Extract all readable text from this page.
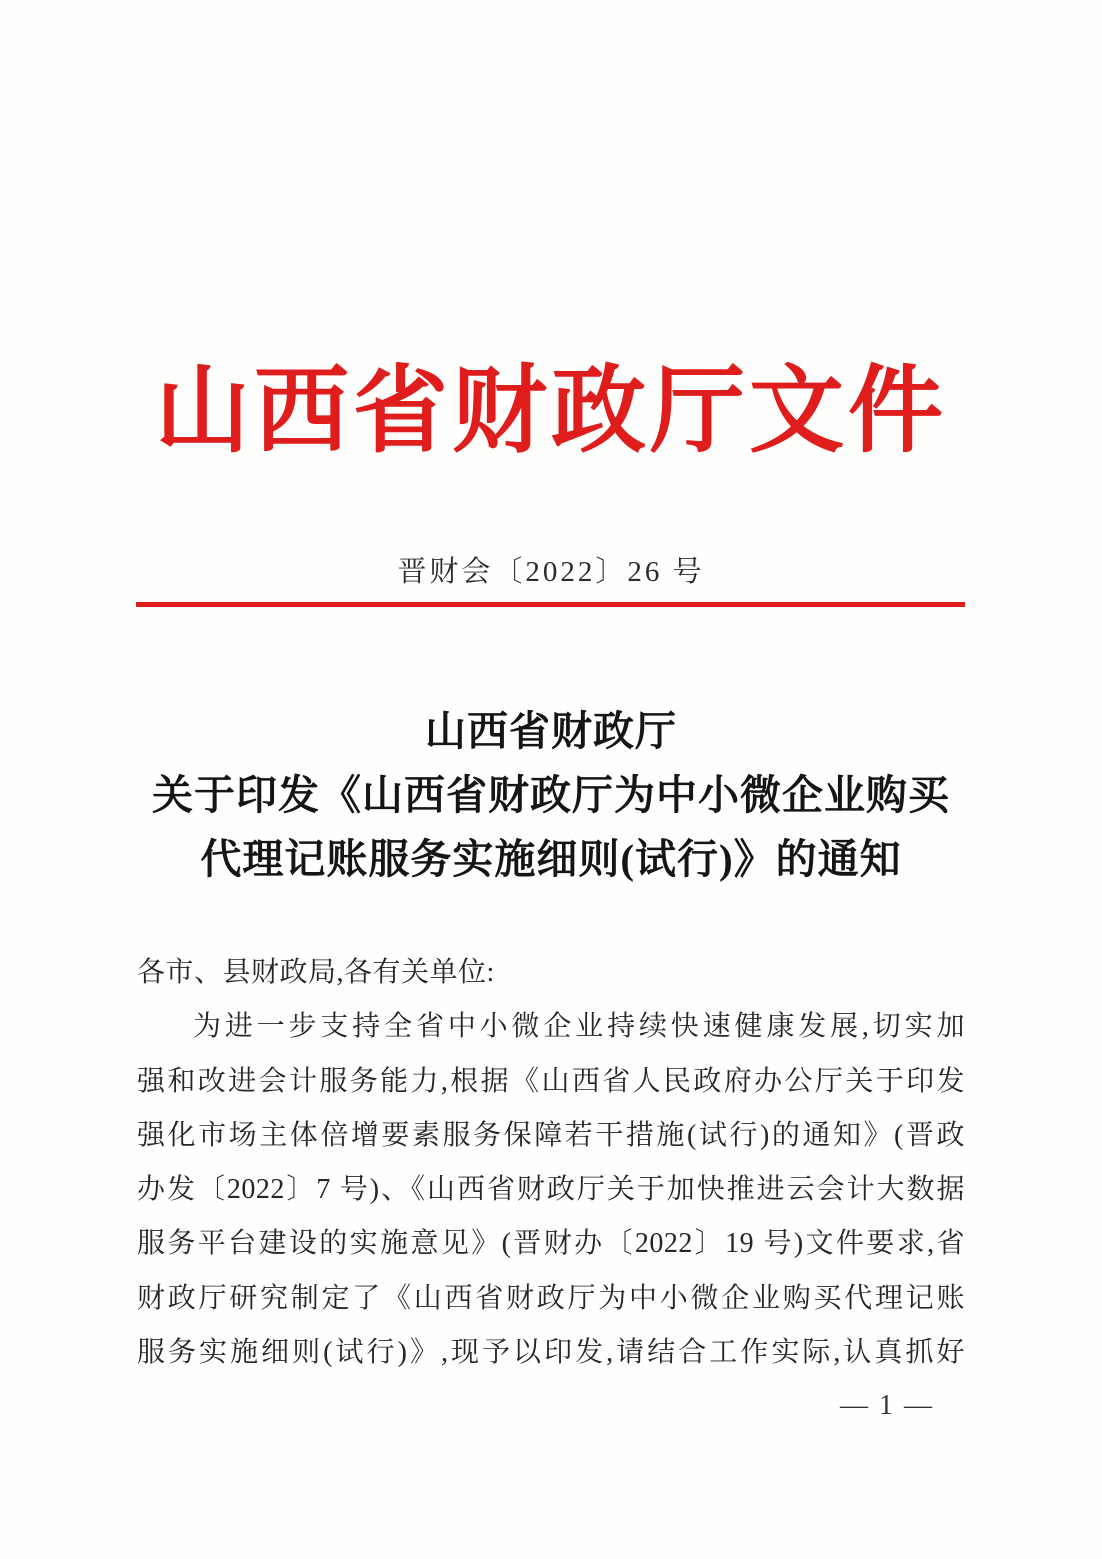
山西省财政厅文件
晋财会〔2022〕26 号
山西省财政厅
关于印发《山西省财政厅为中小微企业购买
代理记账服务实施细则(试行)》的通知
各市、县财政局,各有关单位:
为进一步支持全省中小微企业持续快速健康发展,切实加
强和改进会计服务能力,根据《山西省人民政府办公厅关于印发
强化市场主体倍增要素服务保障若干措施(试行)的通知》(晋政
办发〔2022〕7 号)、《山西省财政厅关于加快推进云会计大数据
服务平台建设的实施意见》(晋财办〔2022〕19 号)文件要求,省
财政厅研究制定了《山西省财政厅为中小微企业购买代理记账
服务实施细则(试行)》,现予以印发,请结合工作实际,认真抓好
— 1 —
